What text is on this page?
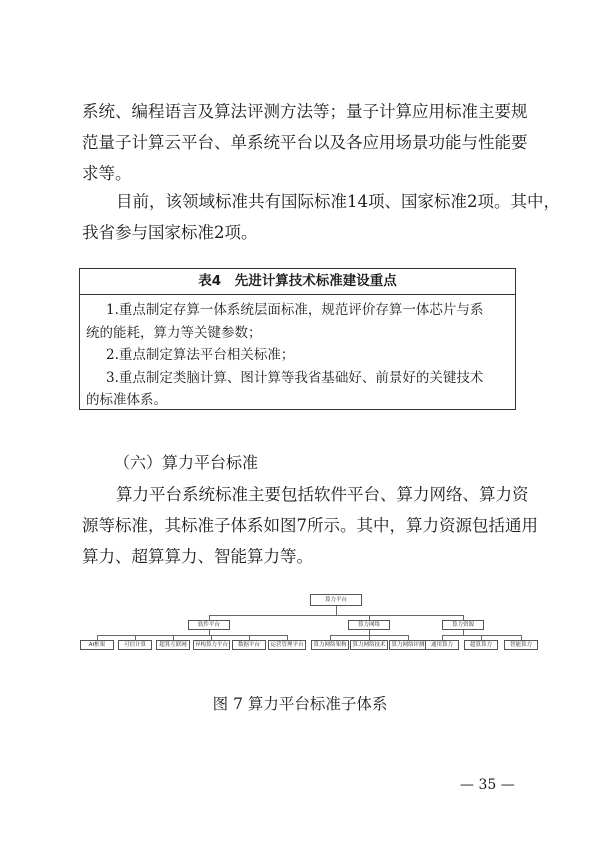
系统、编程语言及算法评测方法等；量子计算应用标准主要规
范量子计算云平台、单系统平台以及各应用场景功能与性能要
求等。
目前，该领域标准共有国际标准14项、国家标准2项。其中，
我省参与国家标准2项。
表4　先进计算技术标准建设重点
1.重点制定存算一体系统层面标准，规范评价存算一体芯片与系
统的能耗，算力等关键参数；
2.重点制定算法平台相关标准；
3.重点制定类脑计算、图计算等我省基础好、前景好的关键技术
的标准体系。

（六）算力平台标准

算力平台系统标准主要包括软件平台、算力网络、算力资
源等标准，其标准子体系如图7所示。其中，算力资源包括通用
算力、超算算力、智能算力等。
算力平台
软件平台	算力网络	算力资源
AI框架	可信计算	超算互联网	异构算力平台	数据平台	运营管理平台	算力网络架构	算力网络技术	算力网络评测	通用算力	超算算力	智能算力

图 7 算力平台标准子体系

— 35 —
